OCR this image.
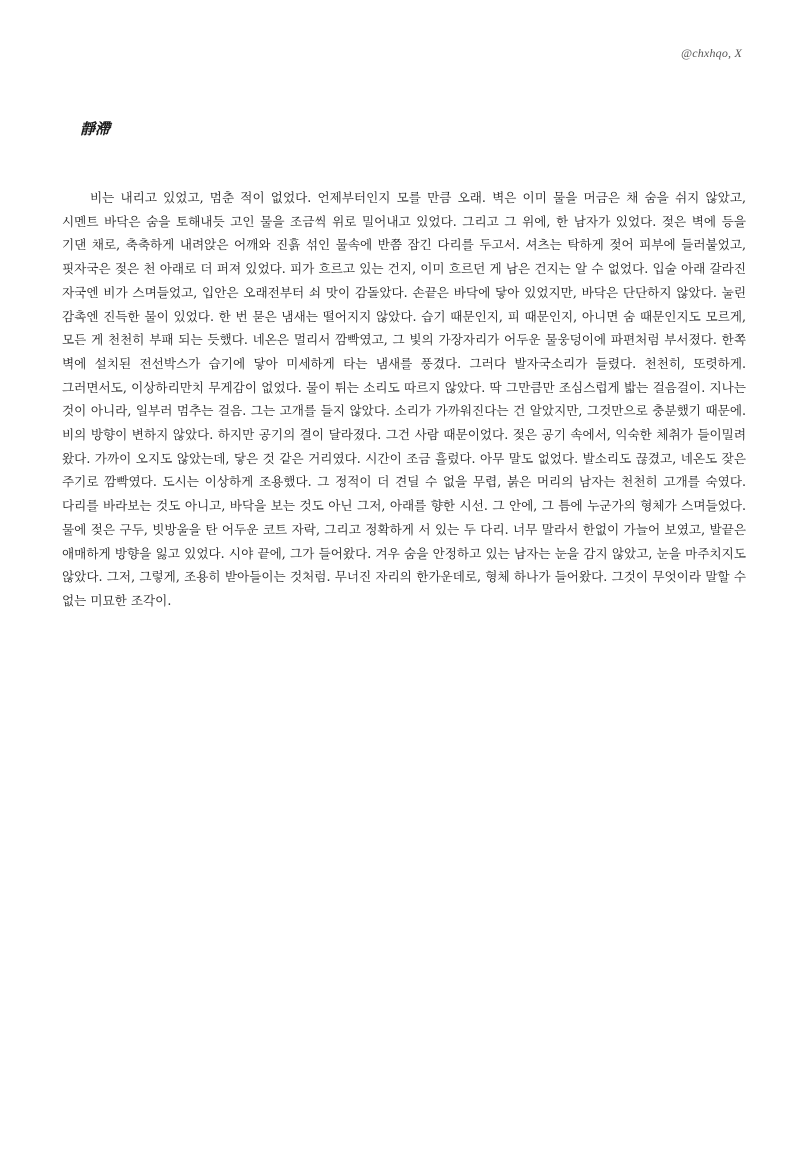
@chxhqo, X
靜滯

비는 내리고 있었고, 멈춘 적이 없었다. 언제부터인지 모를 만큼 오래. 벽은 이미 물을 머금은 채 숨을 쉬지 않았고, 시멘트 바닥은 숨을 토해내듯 고인 물을 조금씩 위로 밀어내고 있었다. 그리고 그 위에, 한 남자가 있었다. 젖은 벽에 등을 기댄 채로, 축축하게 내려앉은 어깨와 진흙 섞인 물속에 반쯤 잠긴 다리를 두고서. 셔츠는 탁하게 젖어 피부에 들러붙었고, 핏자국은 젖은 천 아래로 더 퍼져 있었다. 피가 흐르고 있는 건지, 이미 흐르던 게 남은 건지는 알 수 없었다. 입술 아래 갈라진 자국엔 비가 스며들었고, 입안은 오래전부터 쇠 맛이 감돌았다. 손끝은 바닥에 닿아 있었지만, 바닥은 단단하지 않았다. 눌린 감촉엔 진득한 물이 있었다. 한 번 묻은 냄새는 떨어지지 않았다. 습기 때문인지, 피 때문인지, 아니면 숨 때문인지도 모르게, 모든 게 천천히 부패 되는 듯했다. 네온은 멀리서 깜빡였고, 그 빛의 가장자리가 어두운 물웅덩이에 파편처럼 부서졌다. 한쪽 벽에 설치된 전선박스가 습기에 닿아 미세하게 타는 냄새를 풍겼다. 그러다 발자국소리가 들렸다. 천천히, 또렷하게. 그러면서도, 이상하리만치 무게감이 없었다. 물이 튀는 소리도 따르지 않았다. 딱 그만큼만 조심스럽게 밟는 걸음걸이. 지나는 것이 아니라, 일부러 멈추는 걸음. 그는 고개를 들지 않았다. 소리가 가까워진다는 건 알았지만, 그것만으로 충분했기 때문에. 비의 방향이 변하지 않았다. 하지만 공기의 결이 달라졌다. 그건 사람 때문이었다. 젖은 공기 속에서, 익숙한 체취가 들이밀려 왔다. 가까이 오지도 않았는데, 닿은 것 같은 거리였다. 시간이 조금 흘렀다. 아무 말도 없었다. 발소리도 끊겼고, 네온도 잦은 주기로 깜빡였다. 도시는 이상하게 조용했다. 그 정적이 더 견딜 수 없을 무렵, 붉은 머리의 남자는 천천히 고개를 숙였다. 다리를 바라보는 것도 아니고, 바닥을 보는 것도 아닌 그저, 아래를 향한 시선. 그 안에, 그 틈에 누군가의 형체가 스며들었다. 물에 젖은 구두, 빗방울을 탄 어두운 코트 자락, 그리고 정확하게 서 있는 두 다리. 너무 말라서 한없이 가늘어 보였고, 발끝은 애매하게 방향을 잃고 있었다. 시야 끝에, 그가 들어왔다. 겨우 숨을 안정하고 있는 남자는 눈을 감지 않았고, 눈을 마주치지도 않았다. 그저, 그렇게, 조용히 받아들이는 것처럼. 무너진 자리의 한가운데로, 형체 하나가 들어왔다. 그것이 무엇이라 말할 수 없는 미묘한 조각이.
